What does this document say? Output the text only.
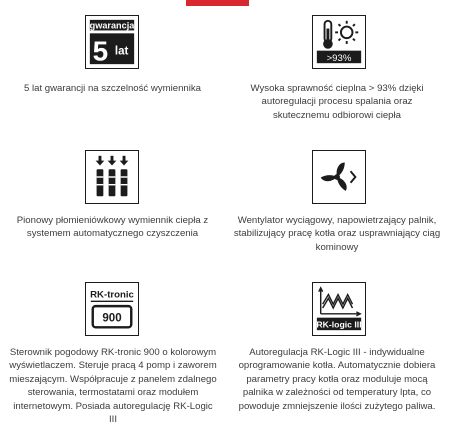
gwarancja
5 lat
5 lat gwarancji na szczelność wymiennika
>93%
Wysoka sprawność cieplna > 93% dzięki autoregulacji procesu spalania oraz skutecznemu odbiorowi ciepła
Pionowy płomieniówkowy wymiennik ciepła z systemem automatycznego czyszczenia
Wentylator wyciągowy, napowietrzający palnik, stabilizujący pracę kotła oraz usprawniający ciąg kominowy
RK-tronic
900
Sterownik pogodowy RK-tronic 900 o kolorowym wyświetlaczem. Steruje pracą 4 pomp i zaworem mieszającym. Współpracuje z panelem zdalnego sterowania, termostatami oraz modułem internetowym. Posiada autoregulację RK-Logic III
RK-logic III
Autoregulacja RK-Logic III - indywidualne oprogramowanie kotła. Automatycznie dobiera parametry pracy kotła oraz moduluje mocą palnika w zależności od temperatury lpta, co powoduje zmniejszenie ilości zużytego paliwa.
